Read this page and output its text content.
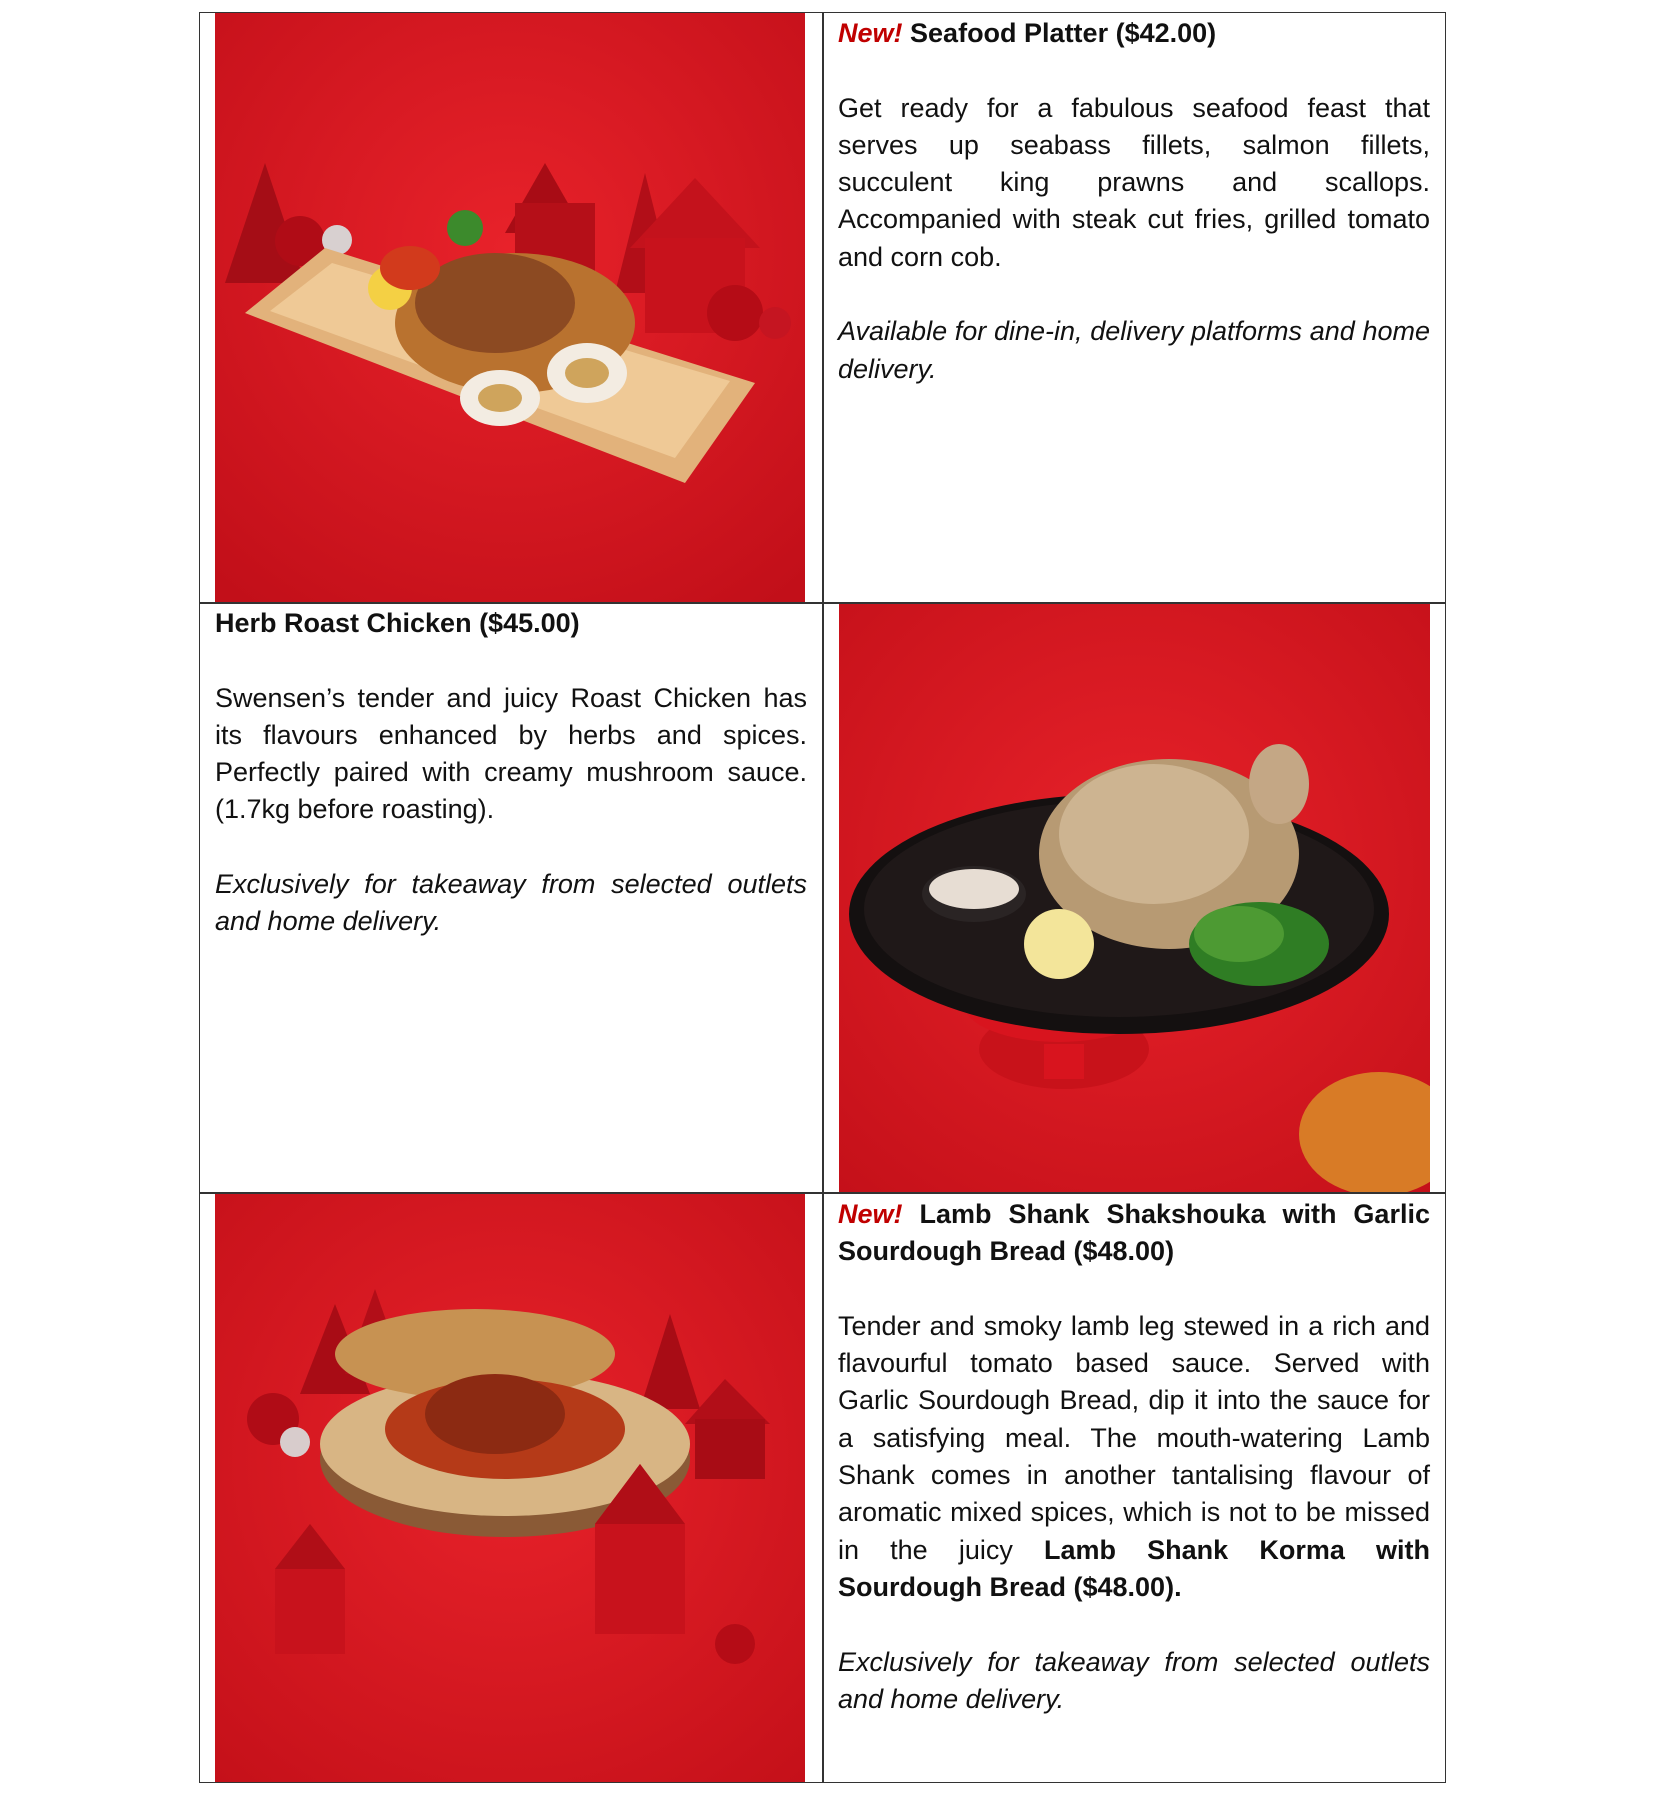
New! Seafood Platter ($42.00)

Get ready for a fabulous seafood feast that serves up seabass fillets, salmon fillets, succulent king prawns and scallops. Accompanied with steak cut fries, grilled tomato and corn cob.

Available for dine-in, delivery platforms and home delivery.

Herb Roast Chicken ($45.00)

Swensen’s tender and juicy Roast Chicken has its flavours enhanced by herbs and spices. Perfectly paired with creamy mushroom sauce. (1.7kg before roasting).

Exclusively for takeaway from selected outlets and home delivery.

New! Lamb Shank Shakshouka with Garlic Sourdough Bread ($48.00)

Tender and smoky lamb leg stewed in a rich and flavourful tomato based sauce. Served with Garlic Sourdough Bread, dip it into the sauce for a satisfying meal. The mouth-watering Lamb Shank comes in another tantalising flavour of aromatic mixed spices, which is not to be missed in the juicy Lamb Shank Korma with Sourdough Bread ($48.00).

Exclusively for takeaway from selected outlets and home delivery.
